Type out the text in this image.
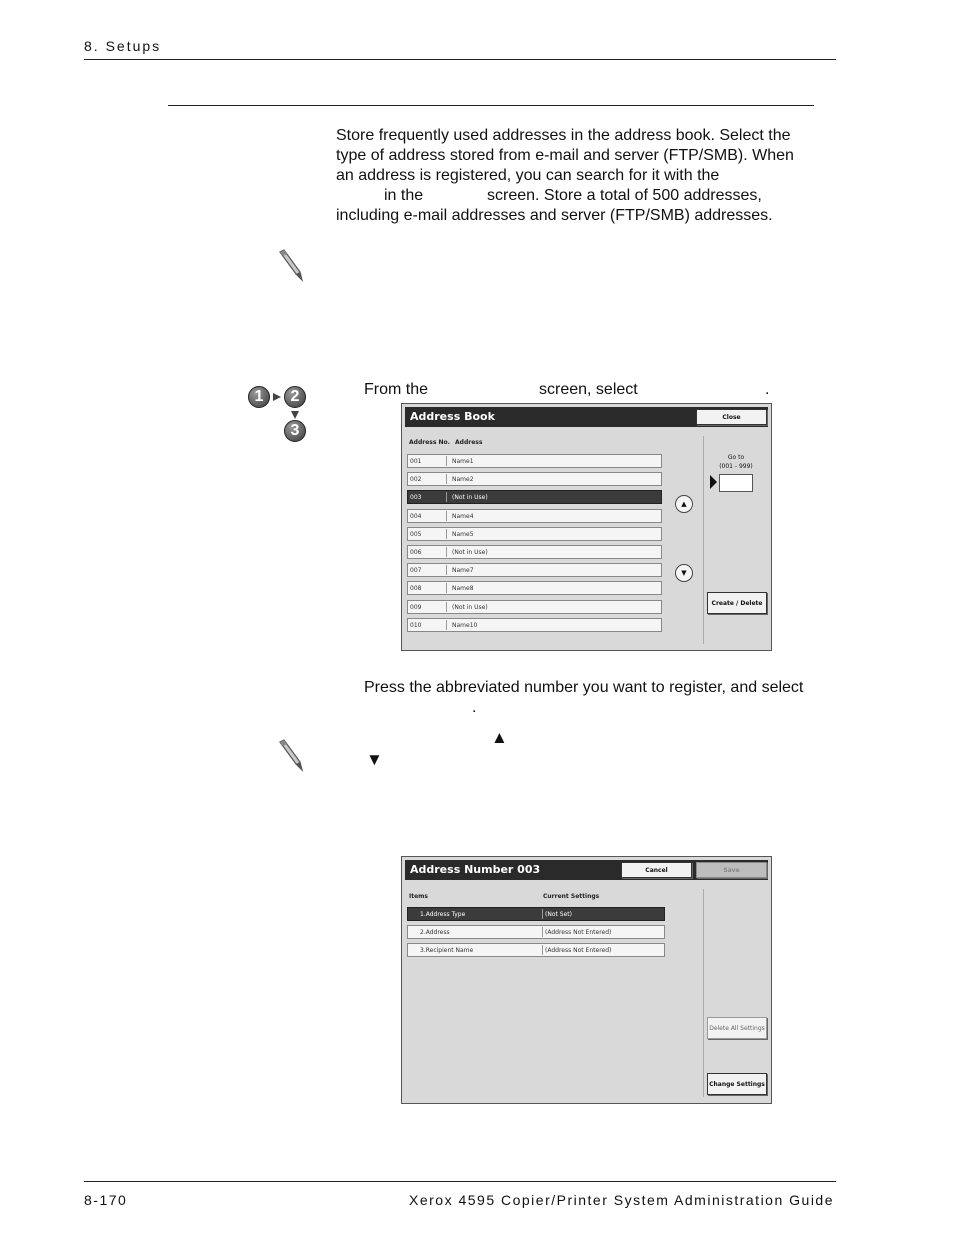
8. Setups
Store frequently used addresses in the address book. Select the
type of address stored from e-mail and server (FTP/SMB). When
an address is registered, you can search for it with the
in the	screen. Store a total of 500 addresses,
including e-mail addresses and server (FTP/SMB) addresses.
1	2
3
From the	screen, select	.
Address Book	Close
Address No. Address
001	Name1
002	Name2
003	(Not in Use)
004	Name4
005	Name5
006	(Not in Use)
007	Name7
008	Name8
009	(Not in Use)
010	Name10
▲
▼
Go to
(001 - 999)
Create / Delete
Press the abbreviated number you want to register, and select
.
▲
▼
Address Number 003	Cancel	Save
Items	Current Settings
1.Address Type	(Not Set)
2.Address	(Address Not Entered)
3.Recipient Name	(Address Not Entered)
Delete All Settings
Change Settings
8-170	Xerox 4595 Copier/Printer System Administration Guide
